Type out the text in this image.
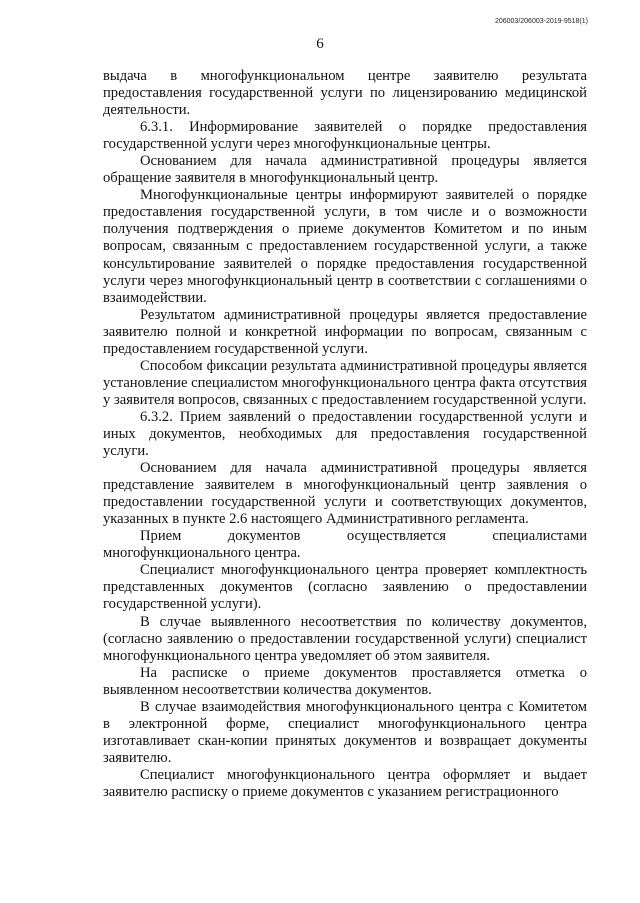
206003/206003-2019-9518(1)
6

выдача в многофункциональном центре заявителю результата предоставления государственной услуги по лицензированию медицинской деятельности.

6.3.1. Информирование заявителей о порядке предоставления государственной услуги через многофункциональные центры.

Основанием для начала административной процедуры является обращение заявителя в многофункциональный центр.

Многофункциональные центры информируют заявителей о порядке предоставления государственной услуги, в том числе и о возможности получения подтверждения о приеме документов Комитетом и по иным вопросам, связанным с предоставлением государственной услуги, а также консультирование заявителей о порядке предоставления государственной услуги через многофункциональный центр в соответствии с соглашениями о взаимодействии.

Результатом административной процедуры является предоставление заявителю полной и конкретной информации по вопросам, связанным с предоставлением государственной услуги.

Способом фиксации результата административной процедуры является установление специалистом многофункционального центра факта отсутствия у заявителя вопросов, связанных с предоставлением государственной услуги.

6.3.2. Прием заявлений о предоставлении государственной услуги и иных документов, необходимых для предоставления государственной услуги.

Основанием для начала административной процедуры является представление заявителем в многофункциональный центр заявления о предоставлении государственной услуги и соответствующих документов, указанных в пункте 2.6 настоящего Административного регламента.

Прием документов осуществляется специалистами многофункционального центра.

Специалист многофункционального центра проверяет комплектность представленных документов (согласно заявлению о предоставлении государственной услуги).

В случае выявленного несоответствия по количеству документов, (согласно заявлению о предоставлении государственной услуги) специалист многофункционального центра уведомляет об этом заявителя.

На расписке о приеме документов проставляется отметка о выявленном несоответствии количества документов.

В случае взаимодействия многофункционального центра с Комитетом в электронной форме, специалист многофункционального центра изготавливает скан-копии принятых документов и возвращает документы заявителю.

Специалист многофункционального центра оформляет и выдает заявителю расписку о приеме документов с указанием регистрационного
